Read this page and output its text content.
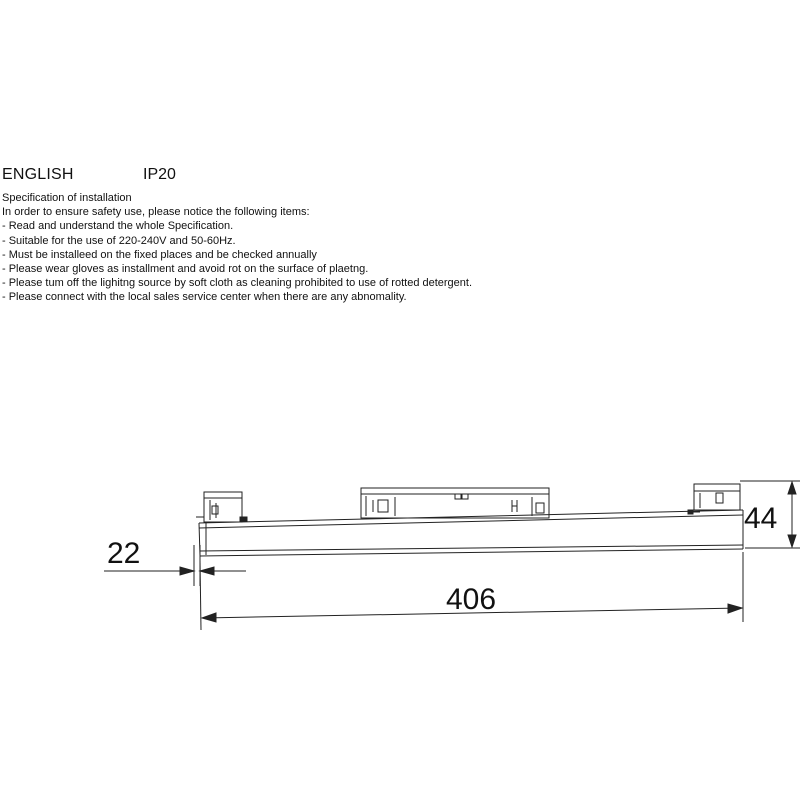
ENGLISH	IP20
Specification of installation
In order to ensure safety use, please notice the following items:
- Read and understand the whole Specification.
- Suitable for the use of 220-240V and 50-60Hz.
- Must be installeed on the fixed places and be checked annually
- Please wear gloves as installment and avoid rot on the surface of plaetng.
- Please tum off the lighitng source by soft cloth as cleaning prohibited to use of rotted detergent.
- Please connect with the local sales service center when there are any abnomality.
22
406
44
